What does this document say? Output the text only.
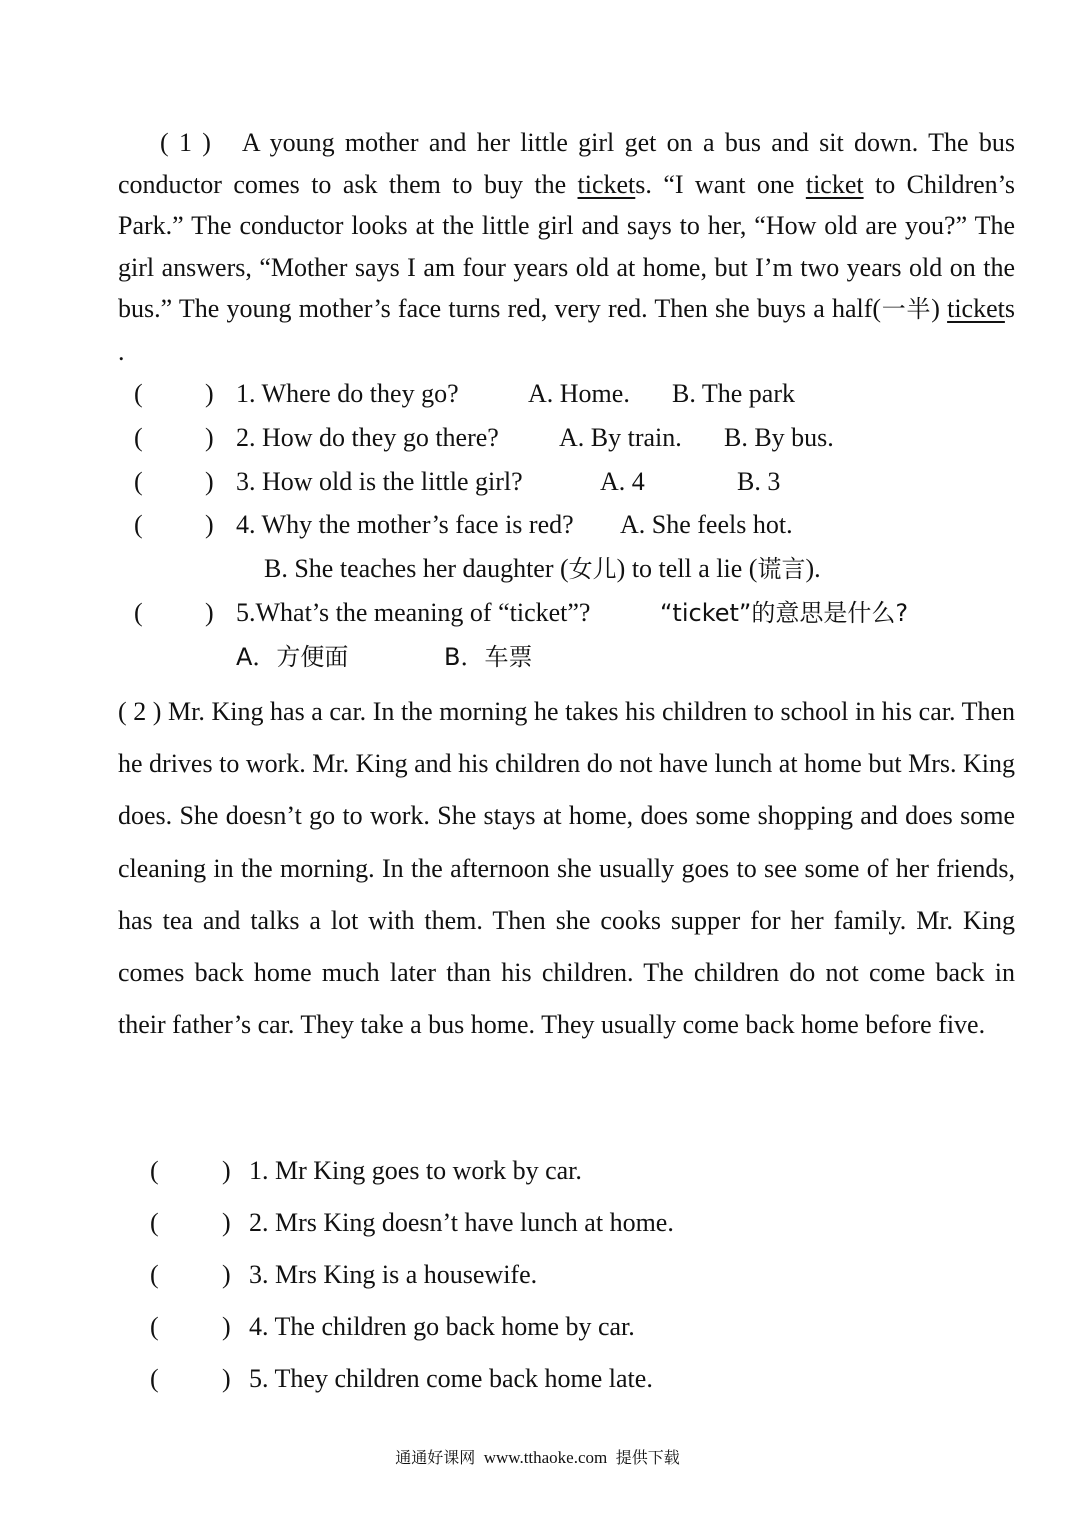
( 1 ) A young mother and her little girl get on a bus and sit down. The bus conductor comes to ask them to buy the tickets. “I want one ticket to Children’s Park.” The conductor looks at the little girl and says to her, “How old are you?” The girl answers, “Mother says I am four years old at home, but I’m two years old on the bus.” The young mother’s face turns red, very red. Then she buys a half(一半) tickets .
( ) 1. Where do they go?	A. Home. B. The park
( ) 2. How do they go there? A. By train. B. By bus.
( ) 3. How old is the little girl?	A. 4	B. 3
( ) 4. Why the mother’s face is red? A. She feels hot.
B. She teaches her daughter (女儿) to tell a lie (谎言).
( ) 5.What’s the meaning of “ticket”?	“ticket”的意思是什么?
A．方便面	B．车票
( 2 ) Mr. King has a car. In the morning he takes his children to school in his car. Then he drives to work. Mr. King and his children do not have lunch at home but Mrs. King does. She doesn’t go to work. She stays at home, does some shopping and does some cleaning in the morning. In the afternoon she usually goes to see some of her friends, has tea and talks a lot with them. Then she cooks supper for her family. Mr. King comes back home much later than his children. The children do not come back in their father’s car. They take a bus home. They usually come back home before five.
( ) 1. Mr King goes to work by car.
( ) 2. Mrs King doesn’t have lunch at home.
( ) 3. Mrs King is a housewife.
( ) 4. The children go back home by car.
( ) 5. They children come back home late.
通通好课网 www.tthaoke.com 提供下载
